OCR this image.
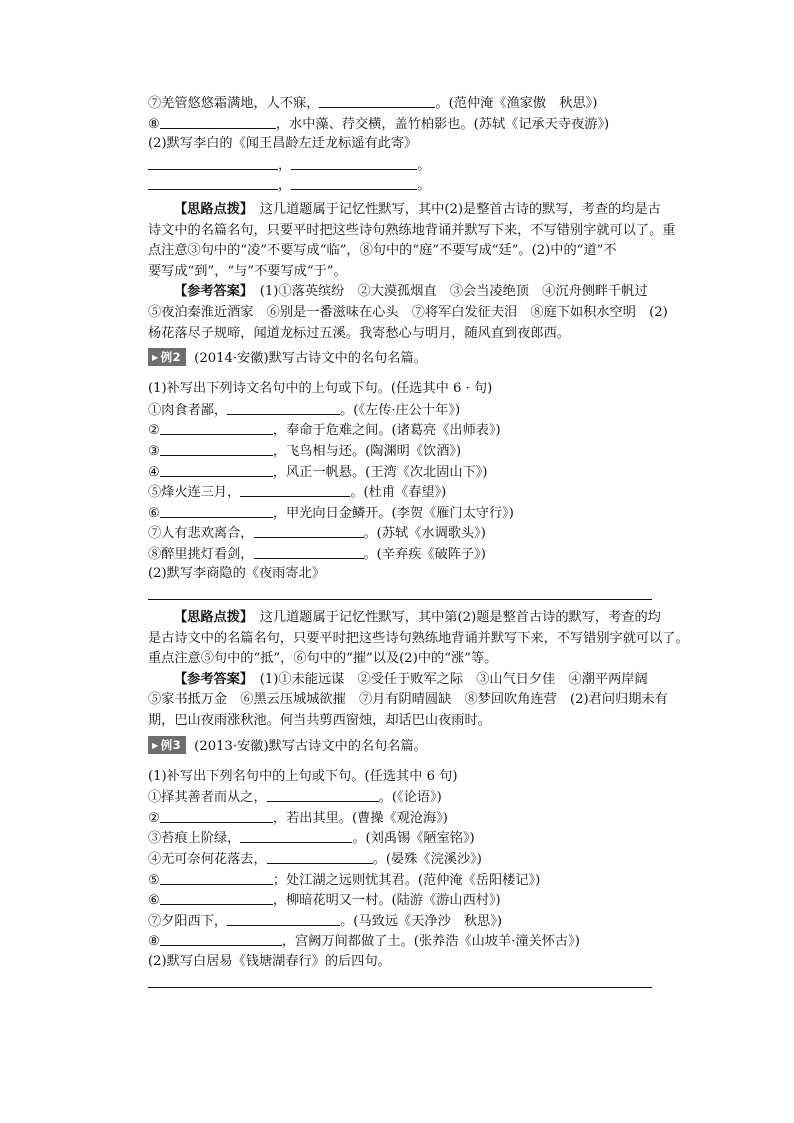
⑦羌管悠悠霜满地，人不寐，	。(范仲淹《渔家傲　秋思》)
⑧	，水中藻、荇交横，盖竹柏影也。(苏轼《记承天寺夜游》)
(2)默写李白的《闻王昌龄左迁龙标遥有此寄》
，	。
，	。
【思路点拨】　 这几道题属于记忆性默写，其中(2)是整首古诗的默写，考查的均是古
诗文中的名篇名句，只要平时把这些诗句熟练地背诵并默写下来，不写错别字就可以了。重
点注意③句中的“凌”不要写成“临”，⑧句中的“庭”不要写成“廷”。(2)中的“道”不
要写成“到”，“与”不要写成“于”。
【参考答案】　 (1)①落英缤纷　②大漠孤烟直　③会当凌绝顶　④沉舟侧畔千帆过
⑤夜泊秦淮近酒家　⑥别是一番滋味在心头　⑦将军白发征夫泪　⑧庭下如积水空明　(2)
杨花落尽子规啼，闻道龙标过五溪。我寄愁心与明月，随风直到夜郎西。
▶ 例2 (2014·安徽)默写古诗文中的名句名篇。
(1)补写出下列诗文名句中的上句或下句。(任选其中 6 · 句)
①肉食者鄙，	。(《左传·庄公十年》)
②	，奉命于危难之间。(诸葛亮《出师表》)
③	，飞鸟相与还。(陶渊明《饮酒》)
④	，风正一帆悬。(王湾《次北固山下》)
⑤烽火连三月，	。(杜甫《春望》)
⑥	，甲光向日金鳞开。(李贺《雁门太守行》)
⑦人有悲欢离合，	。(苏轼《水调歌头》)
⑧醉里挑灯看剑，	。(辛弃疾《破阵子》)
(2)默写李商隐的《夜雨寄北》
【思路点拨】　 这几道题属于记忆性默写，其中第(2)题是整首古诗的默写，考查的均
是古诗文中的名篇名句，只要平时把这些诗句熟练地背诵并默写下来，不写错别字就可以了。
重点注意⑤句中的“抵”，⑥句中的“摧”以及(2)中的“涨”等。
【参考答案】　 (1)①未能远谋　②受任于败军之际　③山气日夕佳　④潮平两岸阔
⑤家书抵万金　⑥黑云压城城欲摧　⑦月有阴晴圆缺　⑧梦回吹角连营　(2)君问归期未有
期，巴山夜雨涨秋池。何当共剪西窗烛，却话巴山夜雨时。
▶ 例3 (2013·安徽)默写古诗文中的名句名篇。
(1)补写出下列名句中的上句或下句。(任选其中 6 句)
①择其善者而从之，	。(《论语》)
②	，若出其里。(曹操《观沧海》)
③苔痕上阶绿，	。(刘禹锡《陋室铭》)
④无可奈何花落去，	。(晏殊《浣溪沙》)
⑤	；处江湖之远则忧其君。(范仲淹《岳阳楼记》)
⑥	，柳暗花明又一村。(陆游《游山西村》)
⑦夕阳西下，	。(马致远《天净沙　秋思》)
⑧	，宫阙万间都做了土。(张养浩《山坡羊·潼关怀古》)
(2)默写白居易《钱塘湖春行》的后四句。
